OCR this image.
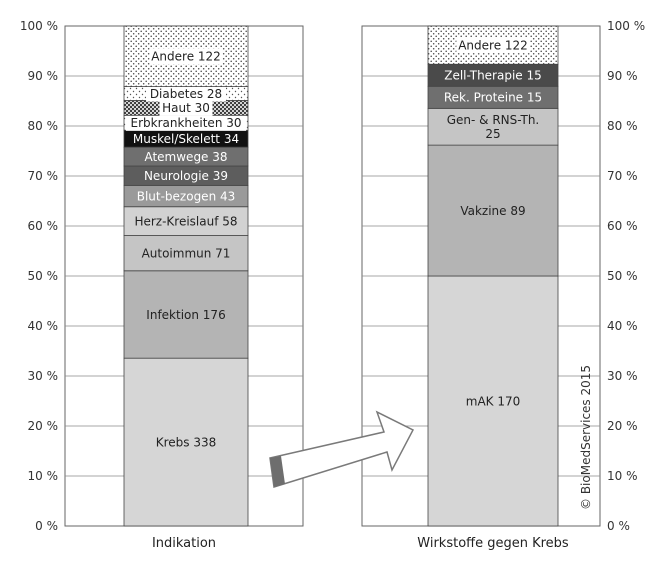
0 %
10 %
20 %
30 %
40 %
50 %
60 %
70 %
80 %
90 %
100 %
Krebs 338
Infektion 176
Autoimmun 71
Herz-Kreislauf 58
Blut-bezogen 43
Neurologie 39
Atemwege 38
Muskel/Skelett 34
Erbkrankheiten 30
Haut 30
Diabetes 28
Andere 122
Indikation
0 %
10 %
20 %
30 %
40 %
50 %
60 %
70 %
80 %
90 %
100 %
mAK 170
Vakzine 89
Gen- & RNS-Th. 25
Rek. Proteine 15
Zell-Therapie 15
Andere 122
Wirkstoffe gegen Krebs
© BioMedServices 2015
